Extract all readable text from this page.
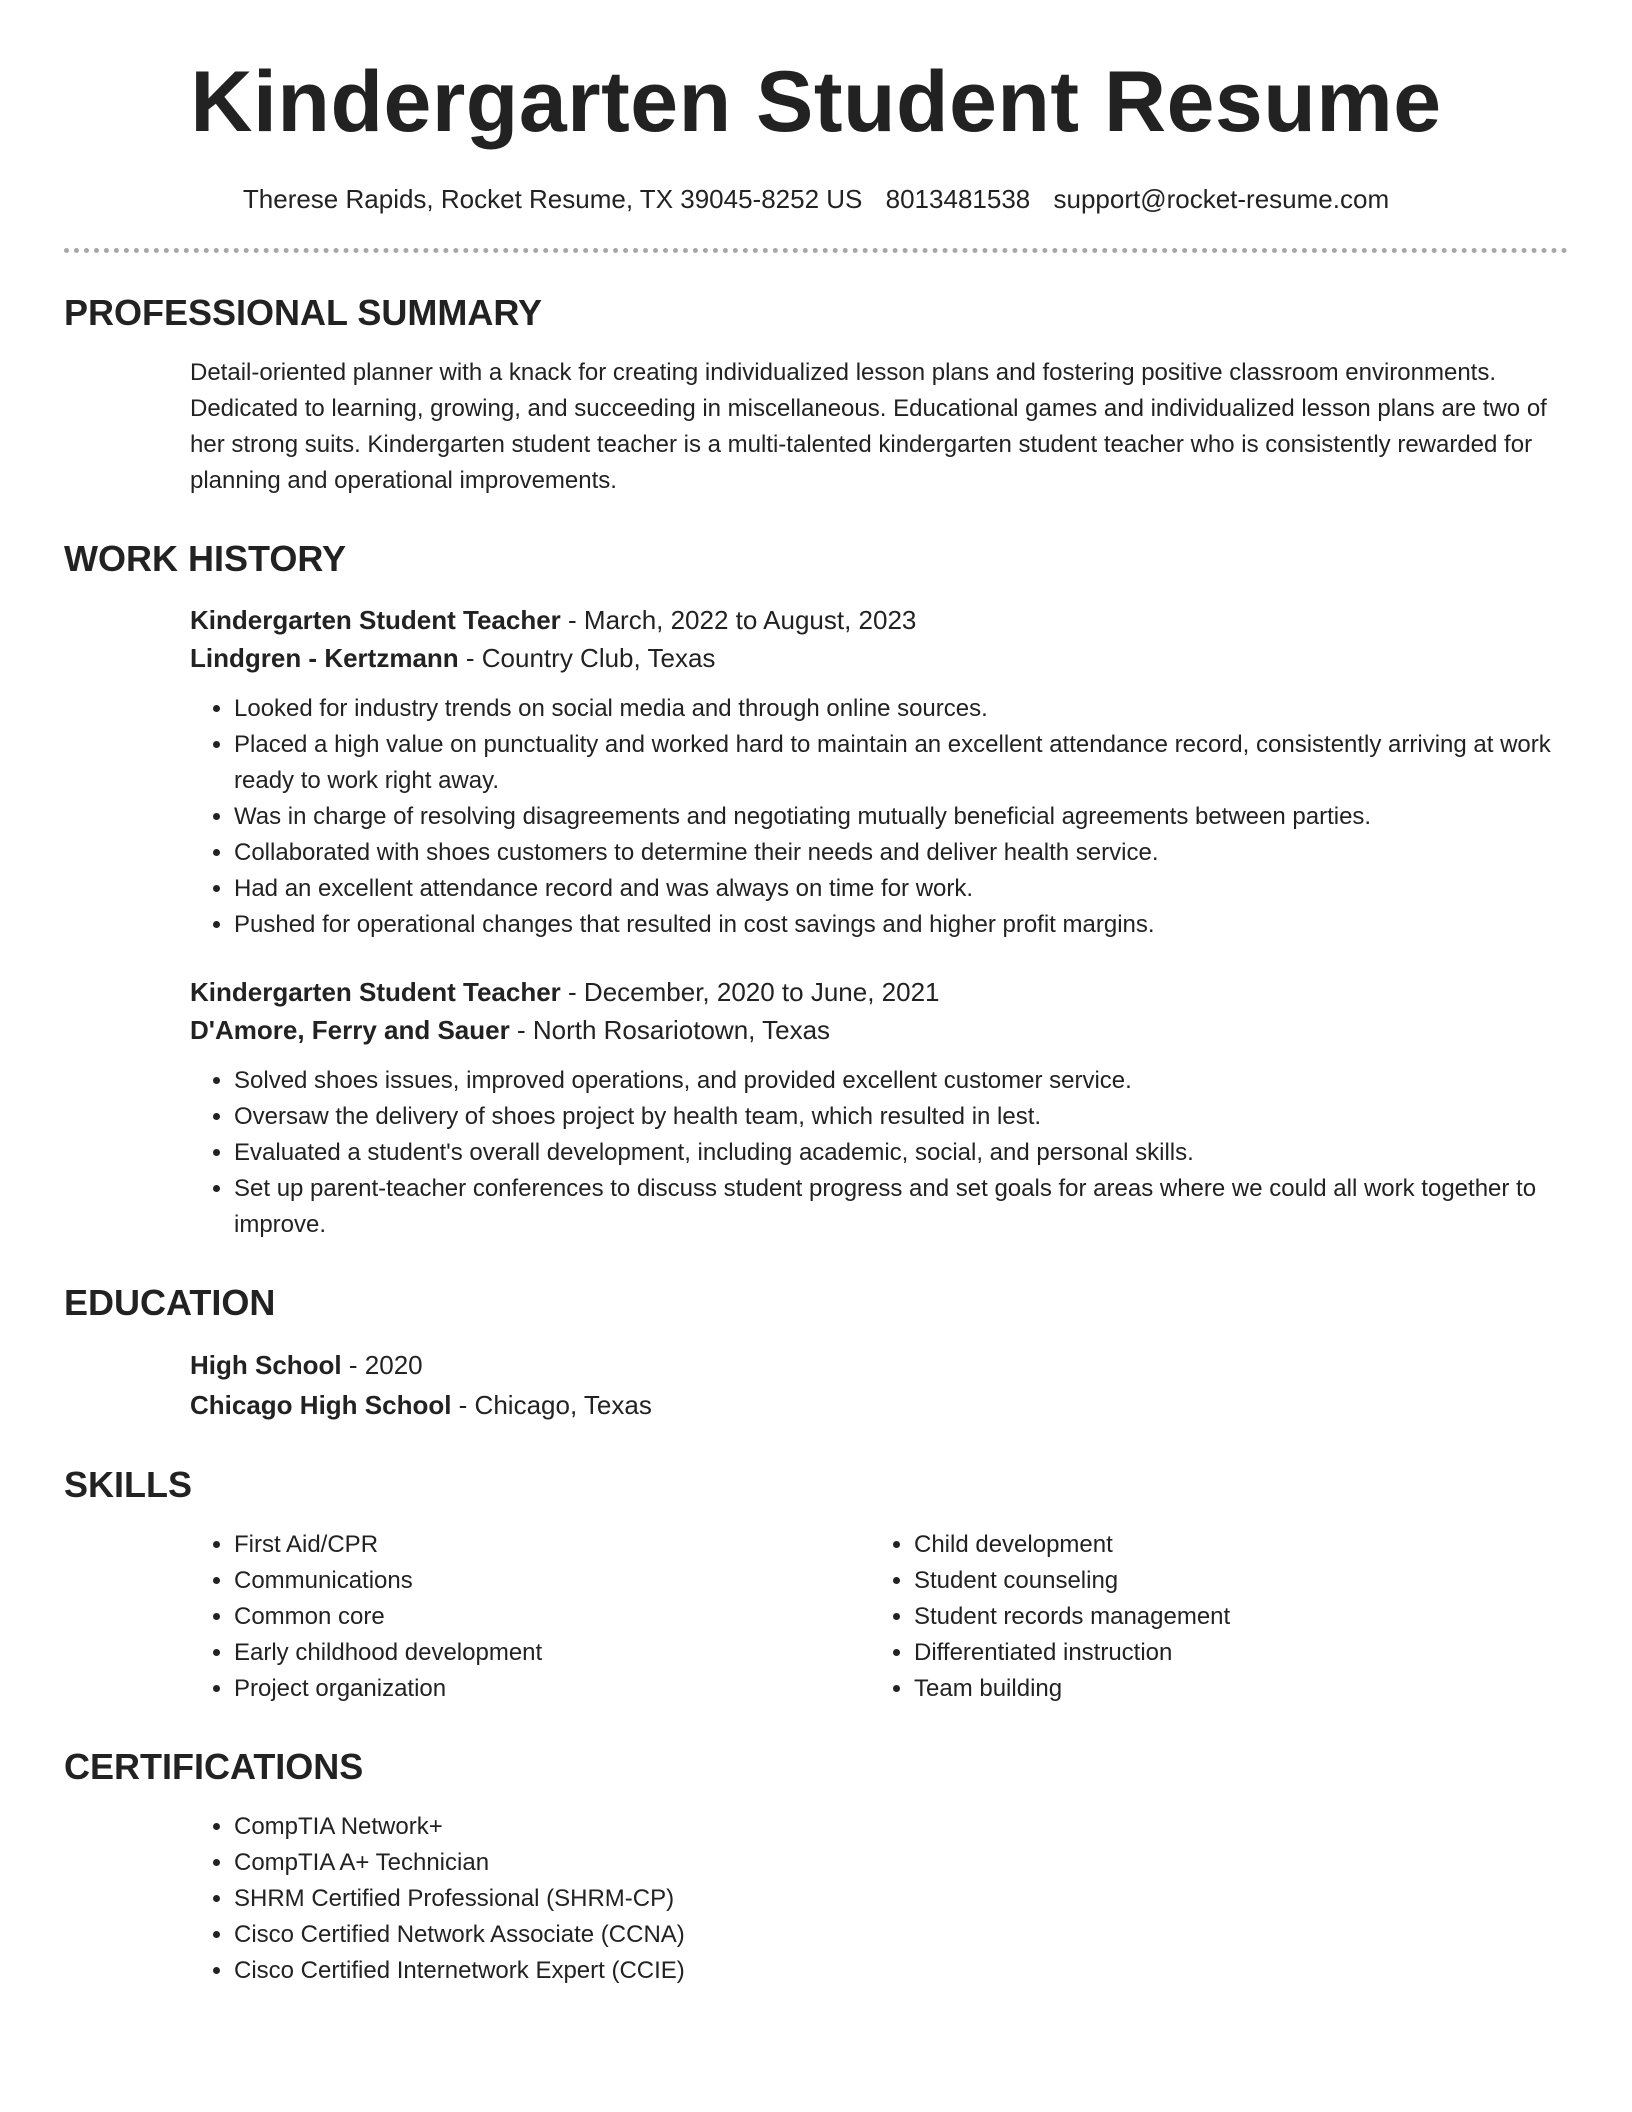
Kindergarten Student Resume
Therese Rapids, Rocket Resume, TX 39045-8252 US 8013481538 support@rocket-resume.com
PROFESSIONAL SUMMARY

Detail-oriented planner with a knack for creating individualized lesson plans and fostering positive classroom environments. Dedicated to learning, growing, and succeeding in miscellaneous. Educational games and individualized lesson plans are two of her strong suits. Kindergarten student teacher is a multi-talented kindergarten student teacher who is consistently rewarded for planning and operational improvements.

WORK HISTORY
Kindergarten Student Teacher - March, 2022 to August, 2023
Lindgren - Kertzmann - Country Club, Texas
• Looked for industry trends on social media and through online sources.
• Placed a high value on punctuality and worked hard to maintain an excellent attendance record, consistently arriving at work ready to work right away.
• Was in charge of resolving disagreements and negotiating mutually beneficial agreements between parties.
• Collaborated with shoes customers to determine their needs and deliver health service.
• Had an excellent attendance record and was always on time for work.
• Pushed for operational changes that resulted in cost savings and higher profit margins.
Kindergarten Student Teacher - December, 2020 to June, 2021
D'Amore, Ferry and Sauer - North Rosariotown, Texas
• Solved shoes issues, improved operations, and provided excellent customer service.
• Oversaw the delivery of shoes project by health team, which resulted in lest.
• Evaluated a student's overall development, including academic, social, and personal skills.
• Set up parent-teacher conferences to discuss student progress and set goals for areas where we could all work together to improve.
EDUCATION
High School - 2020
Chicago High School - Chicago, Texas
SKILLS
• First Aid/CPR
• Communications
• Common core
• Early childhood development
• Project organization
• Child development
• Student counseling
• Student records management
• Differentiated instruction
• Team building
CERTIFICATIONS
• CompTIA Network+
• CompTIA A+ Technician
• SHRM Certified Professional (SHRM-CP)
• Cisco Certified Network Associate (CCNA)
• Cisco Certified Internetwork Expert (CCIE)
